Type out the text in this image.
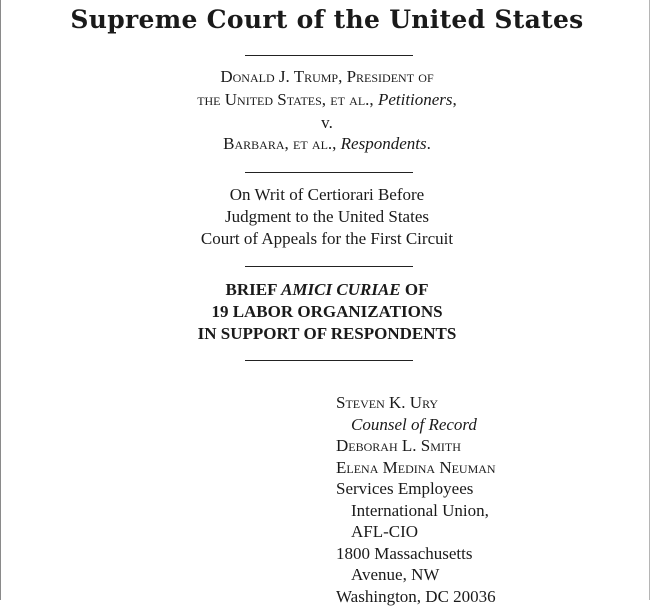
Supreme Court of the United States
Donald J. Trump, President of
the United States, et al., Petitioners,
v.
Barbara, et al., Respondents.
On Writ of Certiorari Before
Judgment to the United States
Court of Appeals for the First Circuit
BRIEF AMICI CURIAE OF
19 LABOR ORGANIZATIONS
IN SUPPORT OF RESPONDENTS
Steven K. Ury
Counsel of Record
Deborah L. Smith
Elena Medina Neuman
Services Employees
International Union,
AFL-CIO
1800 Massachusetts
Avenue, NW
Washington, DC 20036
